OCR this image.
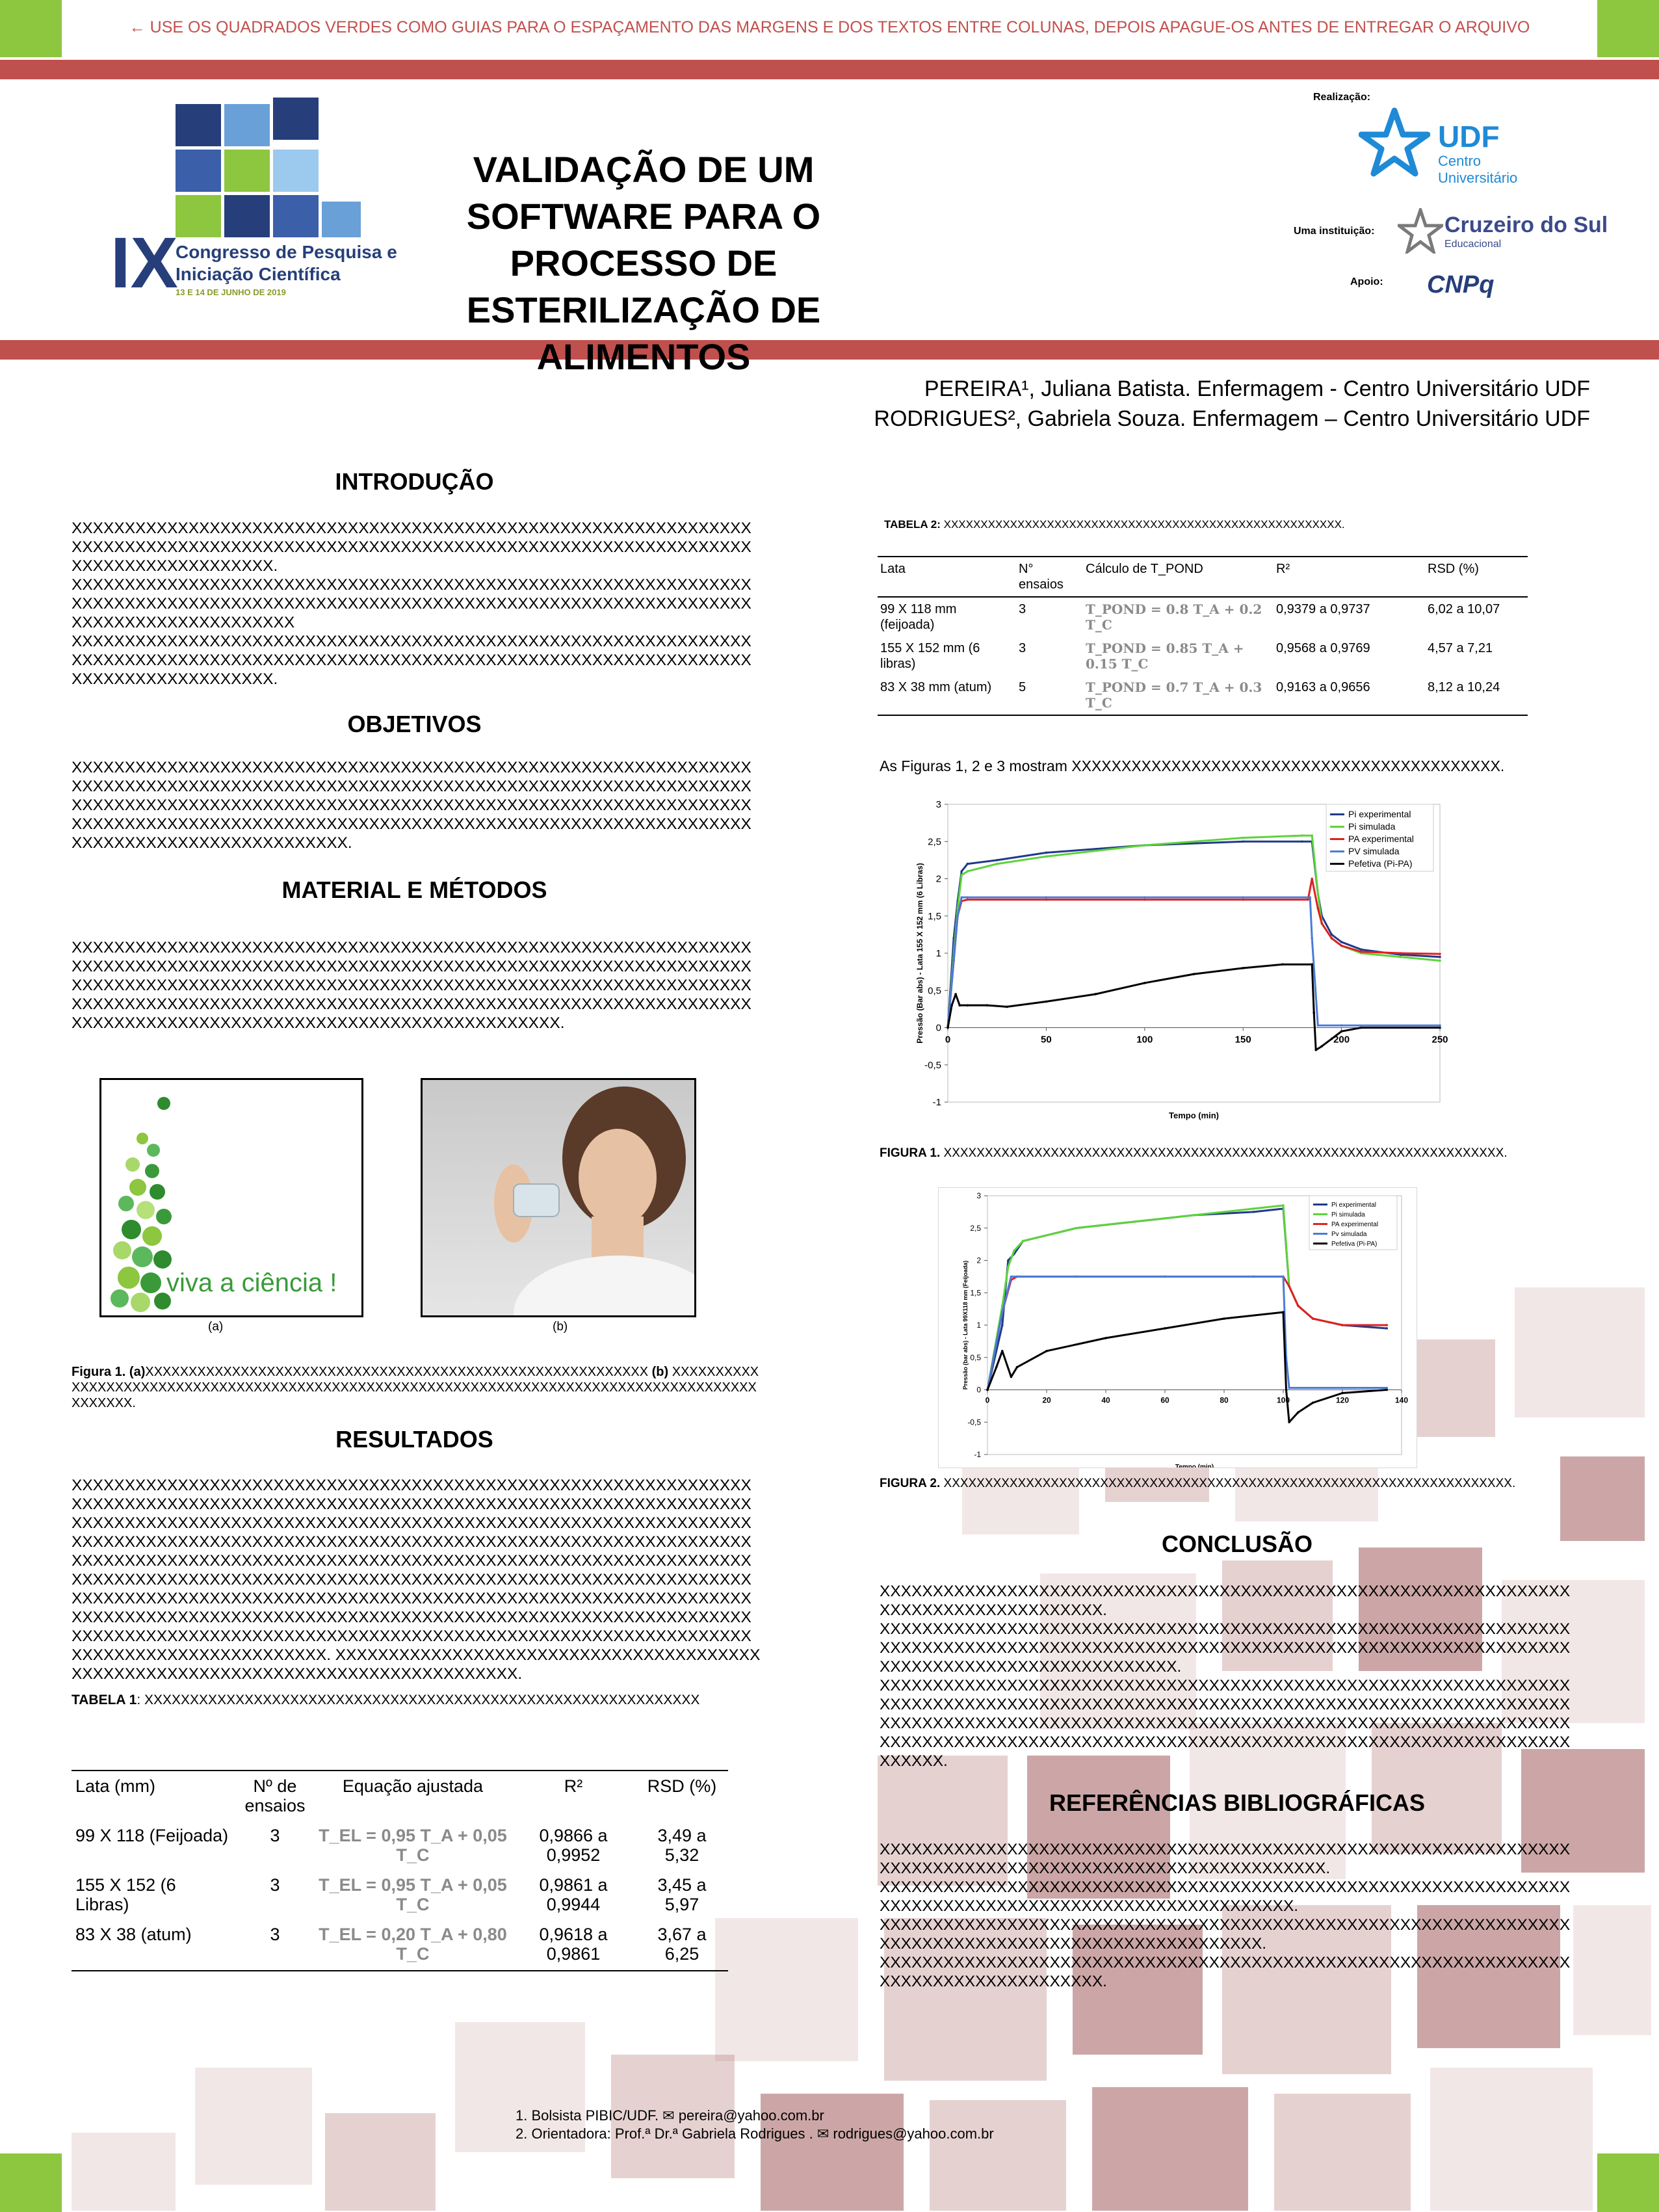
← USE OS QUADRADOS VERDES COMO GUIAS PARA O ESPAÇAMENTO DAS MARGENS E DOS TEXTOS ENTRE COLUNAS, DEPOIS APAGUE-OS ANTES DE ENTREGAR O ARQUIVO
IX
Congresso de Pesquisa e
Iniciação Científica
13 E 14 DE JUNHO DE 2019
VALIDAÇÃO DE UM SOFTWARE PARA O PROCESSO DE ESTERILIZAÇÃO DE ALIMENTOS
Realização:
UDF
Centro
Universitário
Uma instituição:	Cruzeiro do Sul
Educacional
Apoio: CNPq
PEREIRA¹, Juliana Batista. Enfermagem - Centro Universitário UDF
RODRIGUES², Gabriela Souza. Enfermagem – Centro Universitário UDF
INTRODUÇÃO
XXXXXXXXXXXXXXXXXXXXXXXXXXXXXXXXXXXXXXXXXXXXXXXXXXXXXXXXXXXXXXXXXXXXXXXXXXXXXXXXXXXXXXXXXXXXXXXXXXXXXXXXXXXXXXXXXXXXXXXXXXXXXXXXXXXXXXXXXXXXXXXXXXX.
XXXXXXXXXXXXXXXXXXXXXXXXXXXXXXXXXXXXXXXXXXXXXXXXXXXXXXXXXXXXXXXXXXXXXXXXXXXXXXXXXXXXXXXXXXXXXXXXXXXXXXXXXXXXXXXXXXXXXXXXXXXXXXXXXXXXXXXXXXXXXXXXXXXXX
XXXXXXXXXXXXXXXXXXXXXXXXXXXXXXXXXXXXXXXXXXXXXXXXXXXXXXXXXXXXXXXXXXXXXXXXXXXXXXXXXXXXXXXXXXXXXXXXXXXXXXXXXXXXXXXXXXXXXXXXXXXXXXXXXXXXXXXXXXXXXXXXXXX.
OBJETIVOS
XXXXXXXXXXXXXXXXXXXXXXXXXXXXXXXXXXXXXXXXXXXXXXXXXXXXXXXXXXXXXXXXXXXXXXXXXXXXXXXXXXXXXXXXXXXXXXXXXXXXXXXXXXXXXXXXXXXXXXXXXXXXXXXXXXXXXXXXXXXXXXXXXXXXXXXXXXXXXXXXXXXXXXXXXXXXXXXXXXXXXXXXXXXXXXXXXXXXXXXXXXXXXXXXXXXXXXXXXXXXXXXXXXXXXXXXXXXXXXXXXXXXXXXXXXXXXXXXXXXXXXXXXXXXXXXXXXXXXXXXXX.
MATERIAL E MÉTODOS
XXXXXXXXXXXXXXXXXXXXXXXXXXXXXXXXXXXXXXXXXXXXXXXXXXXXXXXXXXXXXXXXXXXXXXXXXXXXXXXXXXXXXXXXXXXXXXXXXXXXXXXXXXXXXXXXXXXXXXXXXXXXXXXXXXXXXXXXXXXXXXXXXXXXXXXXXXXXXXXXXXXXXXXXXXXXXXXXXXXXXXXXXXXXXXXXXXXXXXXXXXXXXXXXXXXXXXXXXXXXXXXXXXXXXXXXXXXXXXXXXXXXXXXXXXXXXXXXXXXXXXXXXXXXXXXXXXXXXXXXXXXXXXXXXXXXXXXXXXXXXX.
viva a ciência !
(a)	(b)
Figura 1. (a)XXXXXXXXXXXXXXXXXXXXXXXXXXXXXXXXXXXXXXXXXXXXXXXXXXXXXXXXXX (b) XXXXXXXXXXXXXXXXXXXXXXXXXXXXXXXXXXXXXXXXXXXXXXXXXXXXXXXXXXXXXXXXXXXXXXXXXXXXXXXXXXXXXXXXXXXXXXXX.
RESULTADOS
XXXXXXXXXXXXXXXXXXXXXXXXXXXXXXXXXXXXXXXXXXXXXXXXXXXXXXXXXXXXXXXXXXXXXXXXXXXXXXXXXXXXXXXXXXXXXXXXXXXXXXXXXXXXXXXXXXXXXXXXXXXXXXXXXXXXXXXXXXXXXXXXXXXXXXXXXXXXXXXXXXXXXXXXXXXXXXXXXXXXXXXXXXXXXXXXXXXXXXXXXXXXXXXXXXXXXXXXXXXXXXXXXXXXXXXXXXXXXXXXXXXXXXXXXXXXXXXXXXXXXXXXXXXXXXXXXXXXXXXXXXXXXXXXXXXXXXXXXXXXXXXXXXXXXXXXXXXXXXXXXXXXXXXXXXXXXXXXXXXXXXXXXXXXXXXXXXXXXXXXXXXXXXXXXXXXXXXXXXXXXXXXXXXXXXXXXXXXXXXXXXXXXXXXXXXXXXXXXXXXXXXXXXXXXXXXXXXXXXXXXXXXXXXXXXXXXXXXXXXXXXXXXXXXXXXXXXXXXXXXXXXXXXXXXXXXXXXXXXXXXXXXXXXXXXXXXXXXXXXXXXXXXXXXXXXXXXXXXXXXXXXXXXXXXXXXXXXXXXXXXXXXXXXXXXXXXXXXXXXXXXXXXXXXXXXXXXXXXXXX. XXXXXXXXXXXXXXXXXXXXXXXXXXXXXXXXXXXXXXXXXXXXXXXXXXXXXXXXXXXXXXXXXXXXXXXXXXXXXXXXXX.
TABELA 1: XXXXXXXXXXXXXXXXXXXXXXXXXXXXXXXXXXXXXXXXXXXXXXXXXXXXXXXXXXXXX
Lata (mm)	Nº de ensaios	Equação ajustada	R²	RSD (%)
99 X 118 (Feijoada)	3	T_EL = 0,95 T_A + 0,05 T_C	0,9866 a 0,9952	3,49 a 5,32
155 X 152 (6 Libras)	3	T_EL = 0,95 T_A + 0,05 T_C	0,9861 a 0,9944	3,45 a 5,97
83 X 38 (atum)	3	T_EL = 0,20 T_A + 0,80 T_C	0,9618 a 0,9861	3,67 a 6,25
TABELA 2: XXXXXXXXXXXXXXXXXXXXXXXXXXXXXXXXXXXXXXXXXXXXXXXXXXXXXX.
Lata	N° ensaios	Cálculo de T_POND	R²	RSD (%)
99 X 118 mm (feijoada)	3	T_POND = 0.8 T_A + 0.2 T_C	0,9379 a 0,9737	6,02 a 10,07
155 X 152 mm (6 libras)	3	T_POND = 0.85 T_A + 0.15 T_C	0,9568 a 0,9769	4,57 a 7,21
83 X 38 mm (atum)	5	T_POND = 0.7 T_A + 0.3 T_C	0,9163 a 0,9656	8,12 a 10,24
As Figuras 1, 2 e 3 mostram XXXXXXXXXXXXXXXXXXXXXXXXXXXXXXXXXXXXXXXXXXX.
-1
-0,5
0
0,5
1
1,5
2
2,5
3
0	50	100	150	200	250
Tempo (min)
Pressão (Bar abs) - Lata 155 X 152 mm (6 Libras)
Pi experimental
Pi simulada
PA experimental
PV simulada
Pefetiva (Pi-PA)
FIGURA 1. XXXXXXXXXXXXXXXXXXXXXXXXXXXXXXXXXXXXXXXXXXXXXXXXXXXXXXXXXXXXXXXXXXXX.
-1
-0,5
0
0,5
1
1,5
2
2,5
3
0	20	40	60	80	100	120	140
Tempo (min)
Pressão (bar abs) - Lata 99X118 mm (Feijoada)
Pi experimental
Pi simulada
PA experimental
Pv simulada
Pefetiva (Pi-PA)
FIGURA 2. XXXXXXXXXXXXXXXXXXXXXXXXXXXXXXXXXXXXXXXXXXXXXXXXXXXXXXXXXXXXXXXXXXXXX.
CONCLUSÃO
XXXXXXXXXXXXXXXXXXXXXXXXXXXXXXXXXXXXXXXXXXXXXXXXXXXXXXXXXXXXXXXXXXXXXXXXXXXXXXXXXXXXXX.
XXXXXXXXXXXXXXXXXXXXXXXXXXXXXXXXXXXXXXXXXXXXXXXXXXXXXXXXXXXXXXXXXXXXXXXXXXXXXXXXXXXXXXXXXXXXXXXXXXXXXXXXXXXXXXXXXXXXXXXXXXXXXXXXXXXXXXXXXXXXXXXXXXXXXXXXXXXXXX.
XXXXXXXXXXXXXXXXXXXXXXXXXXXXXXXXXXXXXXXXXXXXXXXXXXXXXXXXXXXXXXXXXXXXXXXXXXXXXXXXXXXXXXXXXXXXXXXXXXXXXXXXXXXXXXXXXXXXXXXXXXXXXXXXXXXXXXXXXXXXXXXXXXXXXXXXXXXXXXXXXXXXXXXXXXXXXXXXXXXXXXXXXXXXXXXXXXXXXXXXXXXXXXXXXXXXXXXXXXXXXXXXXXXXXXXXXXXXXXXXXXXXXXXXXXXXXXXXXXXXXXXXXX.
REFERÊNCIAS BIBLIOGRÁFICAS
XXXXXXXXXXXXXXXXXXXXXXXXXXXXXXXXXXXXXXXXXXXXXXXXXXXXXXXXXXXXXXXXXXXXXXXXXXXXXXXXXXXXXXXXXXXXXXXXXXXXXXXXXXX.
XXXXXXXXXXXXXXXXXXXXXXXXXXXXXXXXXXXXXXXXXXXXXXXXXXXXXXXXXXXXXXXXXXXXXXXXXXXXXXXXXXXXXXXXXXXXXXXXXXXXXXXX.
XXXXXXXXXXXXXXXXXXXXXXXXXXXXXXXXXXXXXXXXXXXXXXXXXXXXXXXXXXXXXXXXXXXXXXXXXXXXXXXXXXXXXXXXXXXXXXXXXXXXX.
XXXXXXXXXXXXXXXXXXXXXXXXXXXXXXXXXXXXXXXXXXXXXXXXXXXXXXXXXXXXXXXXXXXXXXXXXXXXXXXXXXXXXX.
1. Bolsista PIBIC/UDF. ✉ pereira@yahoo.com.br
2. Orientadora: Prof.ª Dr.ª Gabriela Rodrigues . ✉ rodrigues@yahoo.com.br
